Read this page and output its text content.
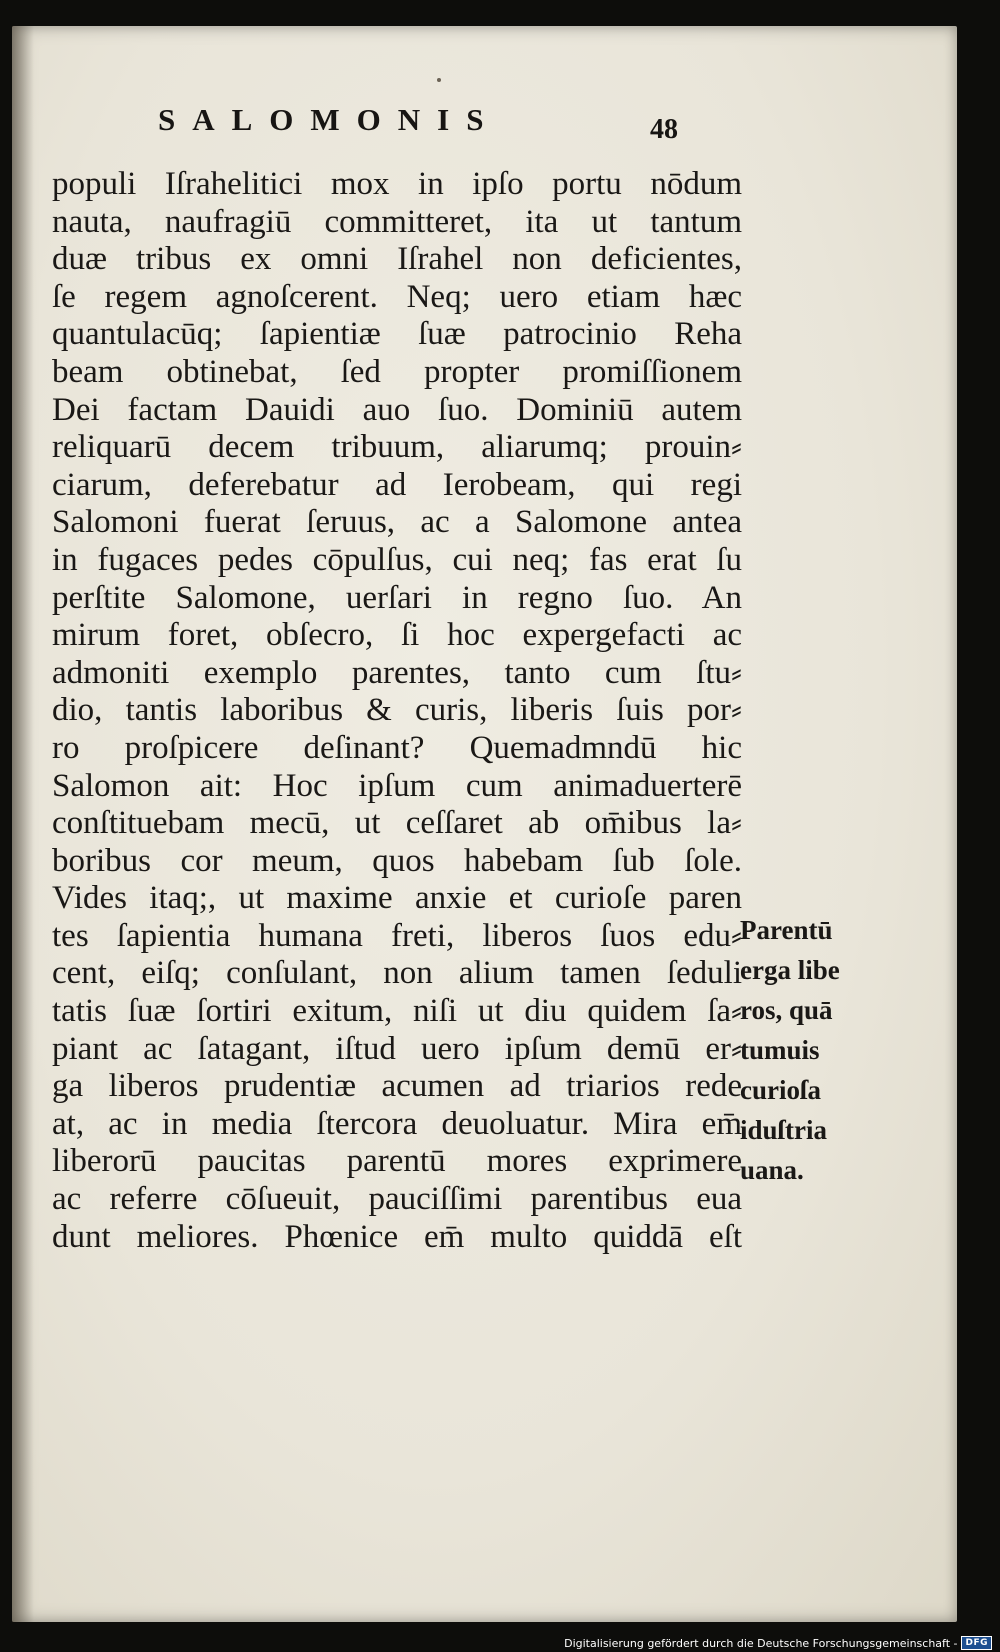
SALOMONIS	48
populi Iſrahelitici mox in ipſo portu nōdum
nauta, naufragiū committeret, ita ut tantum
duæ tribus ex omni Iſrahel non deficientes,
ſe regem agnoſcerent. Neq; uero etiam hæc
quantulacūq; ſapientiæ ſuæ patrocinio Reha
beam obtinebat, ſed propter promiſſionem
Dei factam Dauidi auo ſuo. Dominiū autem
reliquarū decem tribuum, aliarumq; prouin⸗
ciarum, deferebatur ad Ierobeam, qui regi
Salomoni fuerat ſeruus, ac a Salomone antea
in fugaces pedes cōpulſus, cui neq; fas erat ſu
perſtite Salomone, uerſari in regno ſuo. An
mirum foret, obſecro, ſi hoc expergefacti ac
admoniti exemplo parentes, tanto cum ſtu⸗
dio, tantis laboribus & curis, liberis ſuis por⸗
ro proſpicere deſinant? Quemadmndū hic
Salomon ait: Hoc ipſum cum animaduerterē
conſtituebam mecū, ut ceſſaret ab om̄ibus la⸗
boribus cor meum, quos habebam ſub ſole.
Vides itaq;, ut maxime anxie et curioſe paren
tes ſapientia humana freti, liberos ſuos edu⸗
cent, eiſq; conſulant, non alium tamen ſeduli
tatis ſuæ ſortiri exitum, niſi ut diu quidem ſa⸗
piant ac ſatagant, iſtud uero ipſum demū er⸗
ga liberos prudentiæ acumen ad triarios rede
at, ac in media ſtercora deuoluatur. Mira em̄
liberorū paucitas parentū mores exprimere
ac referre cōſueuit, pauciſſimi parentibus eua
dunt meliores. Phœnice em̄ multo quiddā eſt
Parentū
erga libe
ros, quā
tumuis
curioſa
iduſtria
uana.
Digitalisierung gefördert durch die Deutsche Forschungsgemeinschaft - DFG
